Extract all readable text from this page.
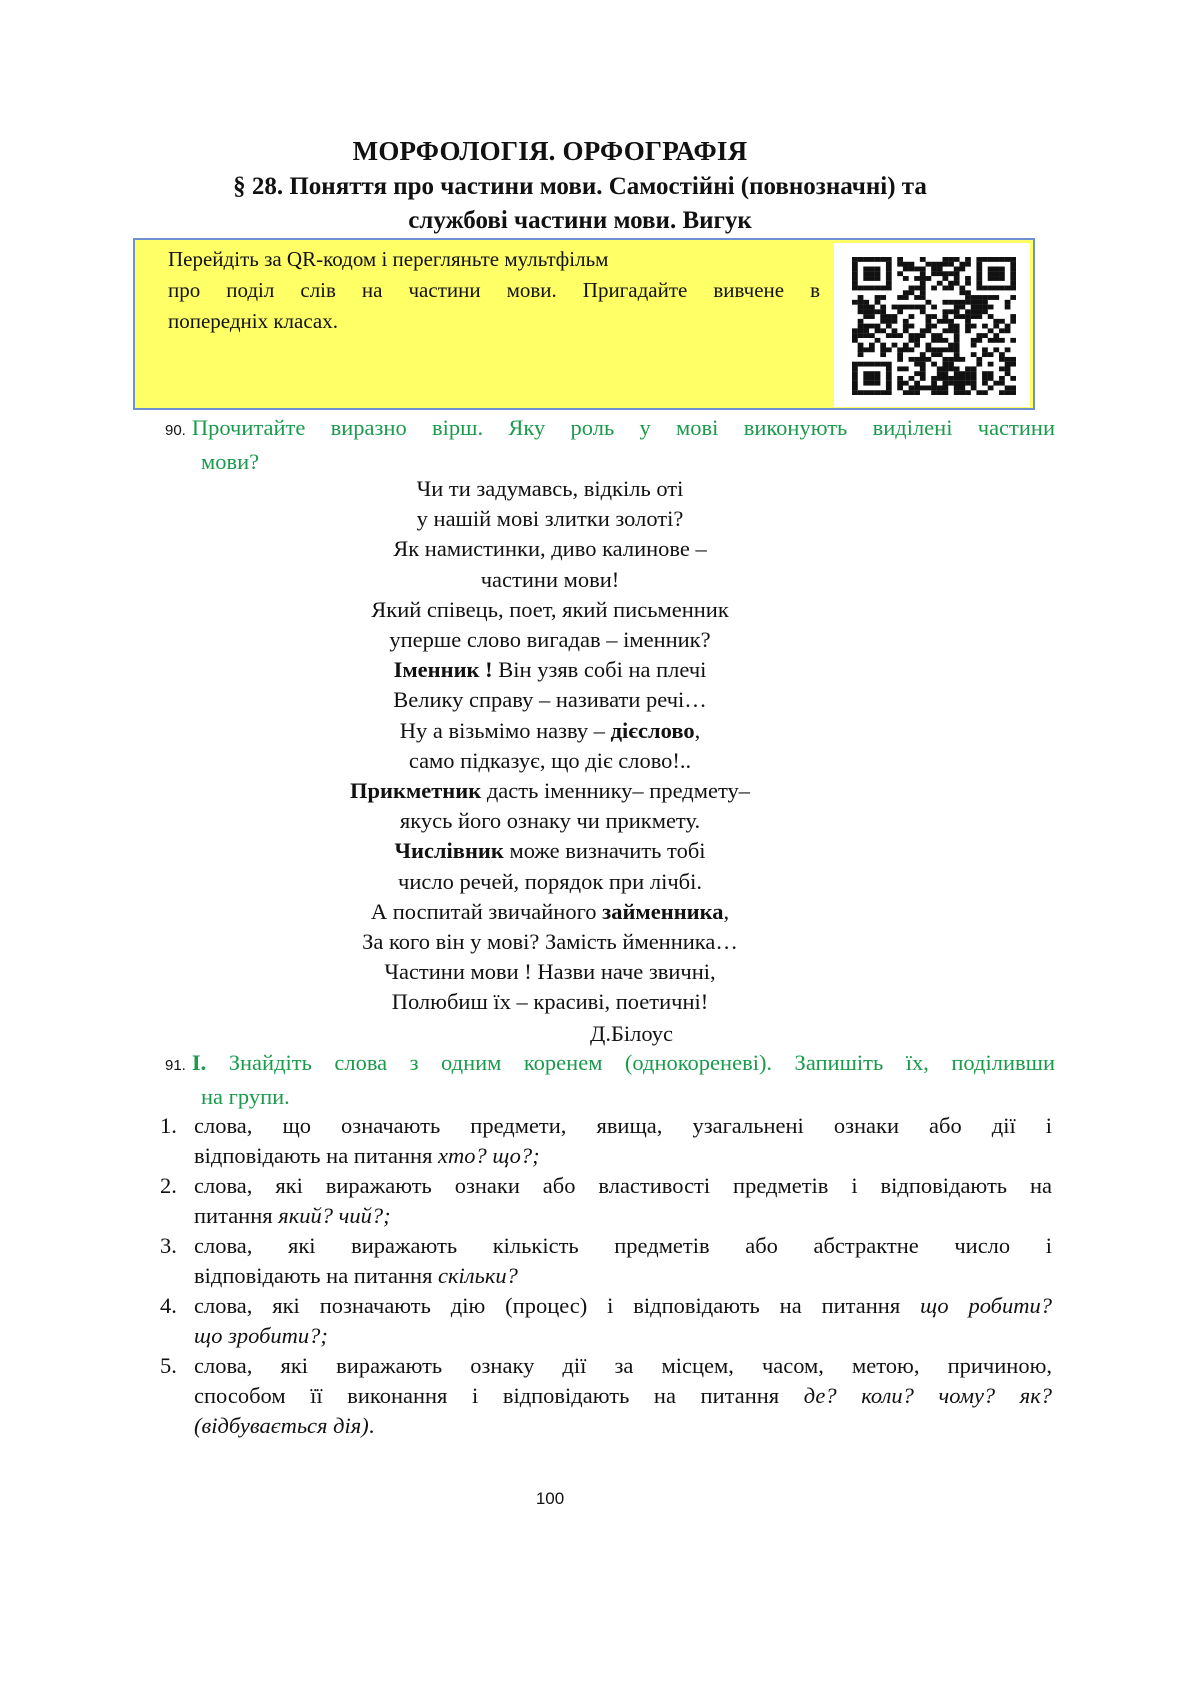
МОРФОЛОГІЯ. ОРФОГРАФІЯ
§ 28. Поняття про частини мови. Самостійні (повнозначні) та
службові частини мови. Вигук
Перейдіть за QR-кодом і перегляньте мультфільм
про поділ слів на частини мови. Пригадайте вивчене в
попередніх класах.
90. Прочитайте виразно вірш. Яку роль у мові виконують виділені частини
мови?
Чи ти задумавсь, відкіль оті
у нашій мові злитки золоті?
Як намистинки, диво калинове –
частини мови!
Який співець, поет, який письменник
уперше слово вигадав – іменник?
Іменник ! Він узяв собі на плечі
Велику справу – називати речі…
Ну а візьмімо назву – дієслово,
само підказує, що діє слово!..
Прикметник дасть іменнику– предмету–
якусь його ознаку чи прикмету.
Числівник може визначить тобі
число речей, порядок при лічбі.
А поспитай звичайного займенника,
За кого він у мові? Замість йменника…
Частини мови ! Назви наче звичні,
Полюбиш їх – красиві, поетичні!
Д.Білоус
91. І. Знайдіть слова з одним коренем (однокореневі). Запишіть їх, поділивши
на групи.
1. слова, що означають предмети, явища, узагальнені ознаки або дії і
відповідають на питання хто? що?;
2. слова, які виражають ознаки або властивості предметів і відповідають на
питання який? чий?;
3. слова, які виражають кількість предметів або абстрактне число і
відповідають на питання скільки?
4. слова, які позначають дію (процес) і відповідають на питання що робити?
що зробити?;
5. слова, які виражають ознаку дії за місцем, часом, метою, причиною,
способом її виконання і відповідають на питання де? коли? чому? як?
(відбувається дія).
100
